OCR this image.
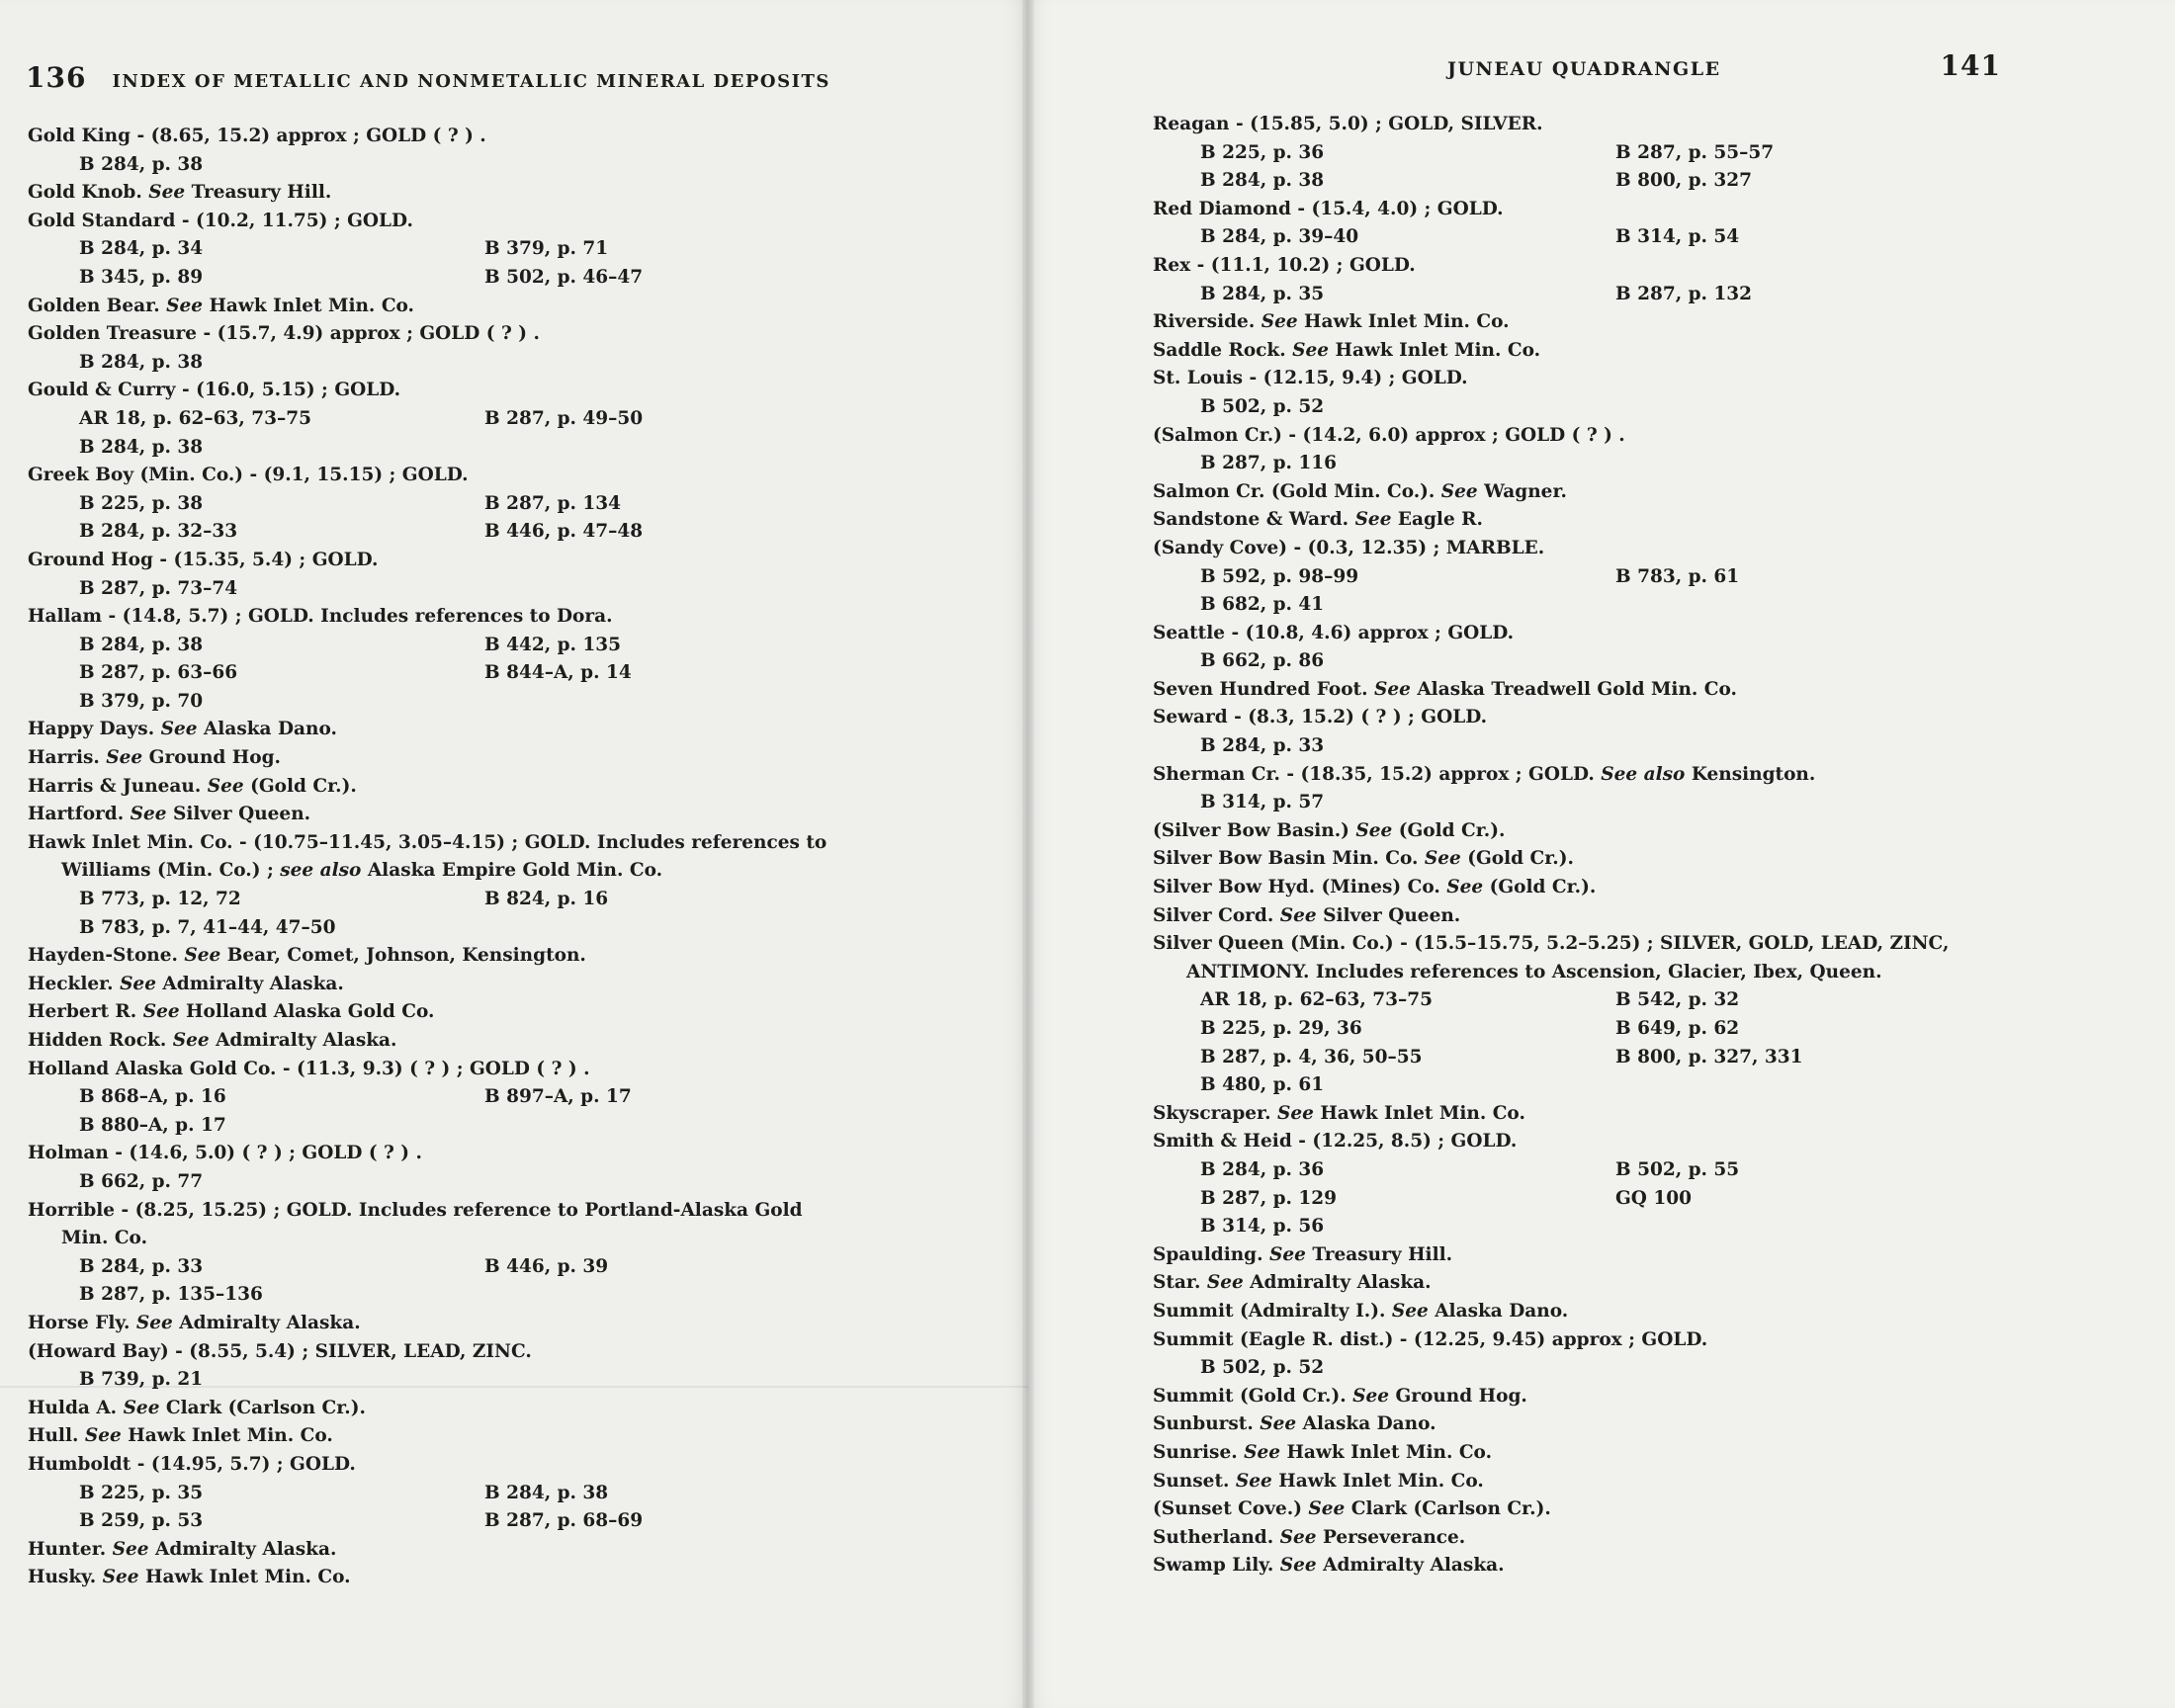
136 INDEX OF METALLIC AND NONMETALLIC MINERAL DEPOSITS
Gold King - (8.65, 15.2) approx ; GOLD ( ? ) .
B 284, p. 38
Gold Knob. See Treasury Hill.
Gold Standard - (10.2, 11.75) ; GOLD.
B 284, p. 34	B 379, p. 71
B 345, p. 89	B 502, p. 46–47
Golden Bear. See Hawk Inlet Min. Co.
Golden Treasure - (15.7, 4.9) approx ; GOLD ( ? ) .
B 284, p. 38
Gould & Curry - (16.0, 5.15) ; GOLD.
AR 18, p. 62–63, 73–75	B 287, p. 49–50
B 284, p. 38
Greek Boy (Min. Co.) - (9.1, 15.15) ; GOLD.
B 225, p. 38	B 287, p. 134
B 284, p. 32–33	B 446, p. 47–48
Ground Hog - (15.35, 5.4) ; GOLD.
B 287, p. 73–74
Hallam - (14.8, 5.7) ; GOLD. Includes references to Dora.
B 284, p. 38	B 442, p. 135
B 287, p. 63–66	B 844–A, p. 14
B 379, p. 70
Happy Days. See Alaska Dano.
Harris. See Ground Hog.
Harris & Juneau. See (Gold Cr.).
Hartford. See Silver Queen.
Hawk Inlet Min. Co. - (10.75–11.45, 3.05–4.15) ; GOLD. Includes references to
Williams (Min. Co.) ; see also Alaska Empire Gold Min. Co.
B 773, p. 12, 72	B 824, p. 16
B 783, p. 7, 41–44, 47–50
Hayden-Stone. See Bear, Comet, Johnson, Kensington.
Heckler. See Admiralty Alaska.
Herbert R. See Holland Alaska Gold Co.
Hidden Rock. See Admiralty Alaska.
Holland Alaska Gold Co. - (11.3, 9.3) ( ? ) ; GOLD ( ? ) .
B 868–A, p. 16	B 897–A, p. 17
B 880–A, p. 17
Holman - (14.6, 5.0) ( ? ) ; GOLD ( ? ) .
B 662, p. 77
Horrible - (8.25, 15.25) ; GOLD. Includes reference to Portland-Alaska Gold
Min. Co.
B 284, p. 33	B 446, p. 39
B 287, p. 135–136
Horse Fly. See Admiralty Alaska.
(Howard Bay) - (8.55, 5.4) ; SILVER, LEAD, ZINC.
B 739, p. 21
Hulda A. See Clark (Carlson Cr.).
Hull. See Hawk Inlet Min. Co.
Humboldt - (14.95, 5.7) ; GOLD.
B 225, p. 35	B 284, p. 38
B 259, p. 53	B 287, p. 68–69
Hunter. See Admiralty Alaska.
Husky. See Hawk Inlet Min. Co.
JUNEAU QUADRANGLE	141
Reagan - (15.85, 5.0) ; GOLD, SILVER.
B 225, p. 36	B 287, p. 55–57
B 284, p. 38	B 800, p. 327
Red Diamond - (15.4, 4.0) ; GOLD.
B 284, p. 39–40	B 314, p. 54
Rex - (11.1, 10.2) ; GOLD.
B 284, p. 35	B 287, p. 132
Riverside. See Hawk Inlet Min. Co.
Saddle Rock. See Hawk Inlet Min. Co.
St. Louis - (12.15, 9.4) ; GOLD.
B 502, p. 52
(Salmon Cr.) - (14.2, 6.0) approx ; GOLD ( ? ) .
B 287, p. 116
Salmon Cr. (Gold Min. Co.). See Wagner.
Sandstone & Ward. See Eagle R.
(Sandy Cove) - (0.3, 12.35) ; MARBLE.
B 592, p. 98–99	B 783, p. 61
B 682, p. 41
Seattle - (10.8, 4.6) approx ; GOLD.
B 662, p. 86
Seven Hundred Foot. See Alaska Treadwell Gold Min. Co.
Seward - (8.3, 15.2) ( ? ) ; GOLD.
B 284, p. 33
Sherman Cr. - (18.35, 15.2) approx ; GOLD. See also Kensington.
B 314, p. 57
(Silver Bow Basin.) See (Gold Cr.).
Silver Bow Basin Min. Co. See (Gold Cr.).
Silver Bow Hyd. (Mines) Co. See (Gold Cr.).
Silver Cord. See Silver Queen.
Silver Queen (Min. Co.) - (15.5–15.75, 5.2–5.25) ; SILVER, GOLD, LEAD, ZINC,
ANTIMONY. Includes references to Ascension, Glacier, Ibex, Queen.
AR 18, p. 62–63, 73–75	B 542, p. 32
B 225, p. 29, 36	B 649, p. 62
B 287, p. 4, 36, 50–55	B 800, p. 327, 331
B 480, p. 61
Skyscraper. See Hawk Inlet Min. Co.
Smith & Heid - (12.25, 8.5) ; GOLD.
B 284, p. 36	B 502, p. 55
B 287, p. 129	GQ 100
B 314, p. 56
Spaulding. See Treasury Hill.
Star. See Admiralty Alaska.
Summit (Admiralty I.). See Alaska Dano.
Summit (Eagle R. dist.) - (12.25, 9.45) approx ; GOLD.
B 502, p. 52
Summit (Gold Cr.). See Ground Hog.
Sunburst. See Alaska Dano.
Sunrise. See Hawk Inlet Min. Co.
Sunset. See Hawk Inlet Min. Co.
(Sunset Cove.) See Clark (Carlson Cr.).
Sutherland. See Perseverance.
Swamp Lily. See Admiralty Alaska.
